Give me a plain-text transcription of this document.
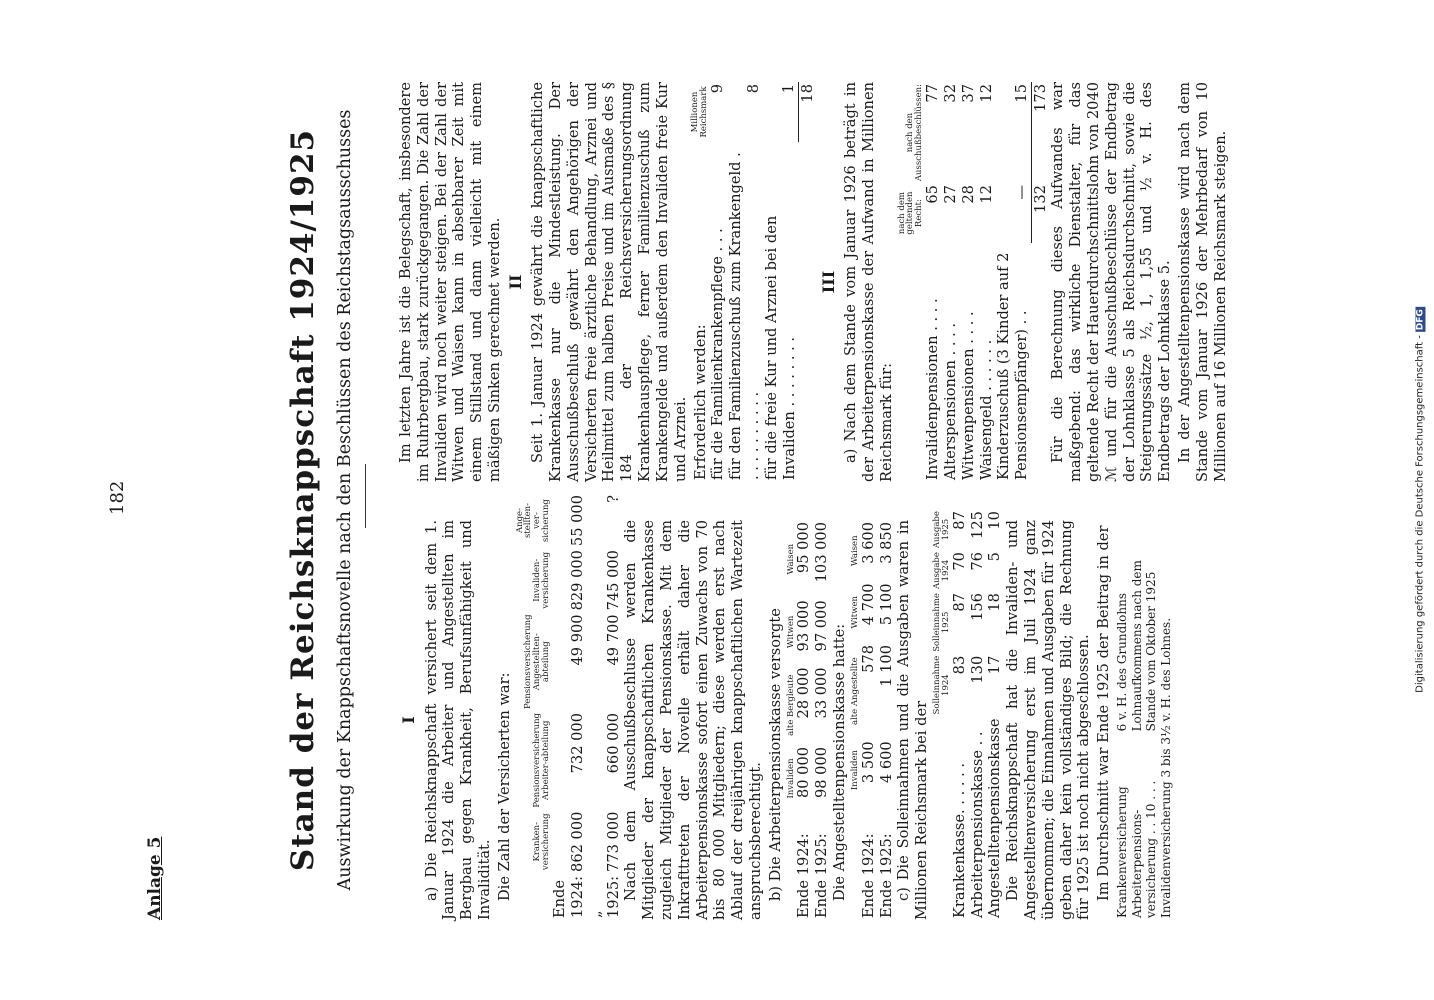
Anlage 5
182	Stand der Reichsknappschaft 1924/1925 Auswirkung der Knappschaftsnovelle nach den Beschlüssen des Reichstagsausschusses	I a) Die Reichsknappschaft versichert seit dem 1. Januar 1924 die Arbeiter und Angestellten im Bergbau gegen Krankheit, Berufsunfähigkeit und Invalidität. Die Zahl der Versicherten war:

	Kranken-versicherung	Pensionsversicherung Arbeiter-abteilung	Pensionsversicherung Angestellten-abteilung	Invaliden-versicherung	Ange-stellten-ver-sicherung
Ende 1924:	862 000	732 000	49 900	829 000	55 000
„ 1925:	773 000	660 000	49 700	745 000	?

Nach dem Ausschußbeschlusse werden die Mitglieder der knappschaftlichen Krankenkasse zugleich Mitglieder der Pensionskasse. Mit dem Inkrafttreten der Novelle erhält daher die Arbeiterpensionskasse sofort einen Zuwachs von 70 bis 80 000 Mitgliedern; diese werden erst nach Ablauf der dreijährigen knappschaftlichen Wartezeit anspruchsberechtigt. b) Die Arbeiterpensionskasse versorgte

	Invaliden	alte Bergleute	Witwen	Waisen
Ende 1924:	80 000	28 000	93 000	95 000
Ende 1925:	98 000	33 000	97 000	103 000

Die Angestelltenpensionskasse hatte:

	Invaliden	alte Angestellte	Witwen	Waisen
Ende 1924:	3 500	578	4 700	3 600
Ende 1925:	4 600	1 100	5 100	3 850 c) Die Solleinnahmen und die Ausgaben waren in Millionen Reichsmark bei der

	Solleinnahme 1924	Solleinnahme 1925	Ausgabe 1924	Ausgabe 1925
Krankenkasse. . . . . .	83	87	70	87
Arbeiterpensionskasse . .	130	156	76	125
Angestelltenpensionskasse	17	18	5	10 Die Reichsknappschaft hat die Invaliden- und Angestelltenversicherung erst im Juli 1924 ganz übernommen; die Einnahmen und Ausgaben für 1924 geben daher kein vollständiges Bild; die Rechnung für 1925 ist noch nicht abgeschlossen. Im Durchschnitt war Ende 1925 der Beitrag in der Krankenversicherung	6 v. H. des Grundlohns
Arbeiterpensions-versicherung . . 10 . . .	Lohnaufkommens nach dem Stande vom Oktober 1925
Invalidenversicherung 3 bis 3½ v. H. des Lohnes.	

Im letzten Jahre ist die Belegschaft, insbesondere im Ruhrbergbau, stark zurückgegangen. Die Zahl der Invaliden wird noch weiter steigen. Bei der Zahl der Witwen und Waisen kann in absehbarer Zeit mit einem Stillstand und dann vielleicht mit einem mäßigen Sinken gerechnet werden. II Seit 1. Januar 1924 gewährt die knappschaftliche Krankenkasse nur die Mindestleistung. Der Ausschußbeschluß gewährt den Angehörigen der Versicherten freie ärztliche Behandlung, Arznei und Heilmittel zum halben Preise und im Ausmaße des § 184 der Reichsversicherungsordnung Krankenhauspflege, ferner Familienzuschuß zum Krankengelde und außerdem den Invaliden freie Kur und Arznei. Erforderlich werden:	Millionen Reichsmark
für die Familienkrankenpflege . . .	9
für den Familienzuschuß zum Krankengeld . . . . . . . . . . .	8
für die freie Kur und Arznei bei den Invaliden . . . . . . . .	1
	18
III a) Nach dem Stande vom Januar 1926 beträgt in der Arbeiterpensionskasse der Aufwand in Millionen Reichsmark für:

	nach dem geltenden Recht:	nach den Ausschußbeschlüssen:
Invalidenpensionen . . . .	65	77
Alterspensionen . . . .	27	32
Witwenpensionen . . . .	28	37
Waisengeld . . . . . .	12	12
Kinderzuschuß (3 Kinder auf 2 Pensionsempfänger) . .	—	15
	132	173 Für die Berechnung dieses Aufwandes war maßgebend: das wirkliche Dienstalter, für das geltende Recht der Hauerdurchschnittslohn von 2040 ℳ und für die Ausschußbeschlüsse der Endbetrag der Lohnklasse 5 als Reichsdurchschnitt, sowie die Steigerungssätze ½, 1, 1,55 und ½ v. H. des Endbetrags der Lohnklasse 5. In der Angestelltenpensionskasse wird nach dem Stande vom Januar 1926 der Mehrbedarf von 10 Millionen auf 16 Millionen Reichsmark steigen.

Digitalisierung gefördert durch die Deutsche Forschungsgemeinschaft -DFG
